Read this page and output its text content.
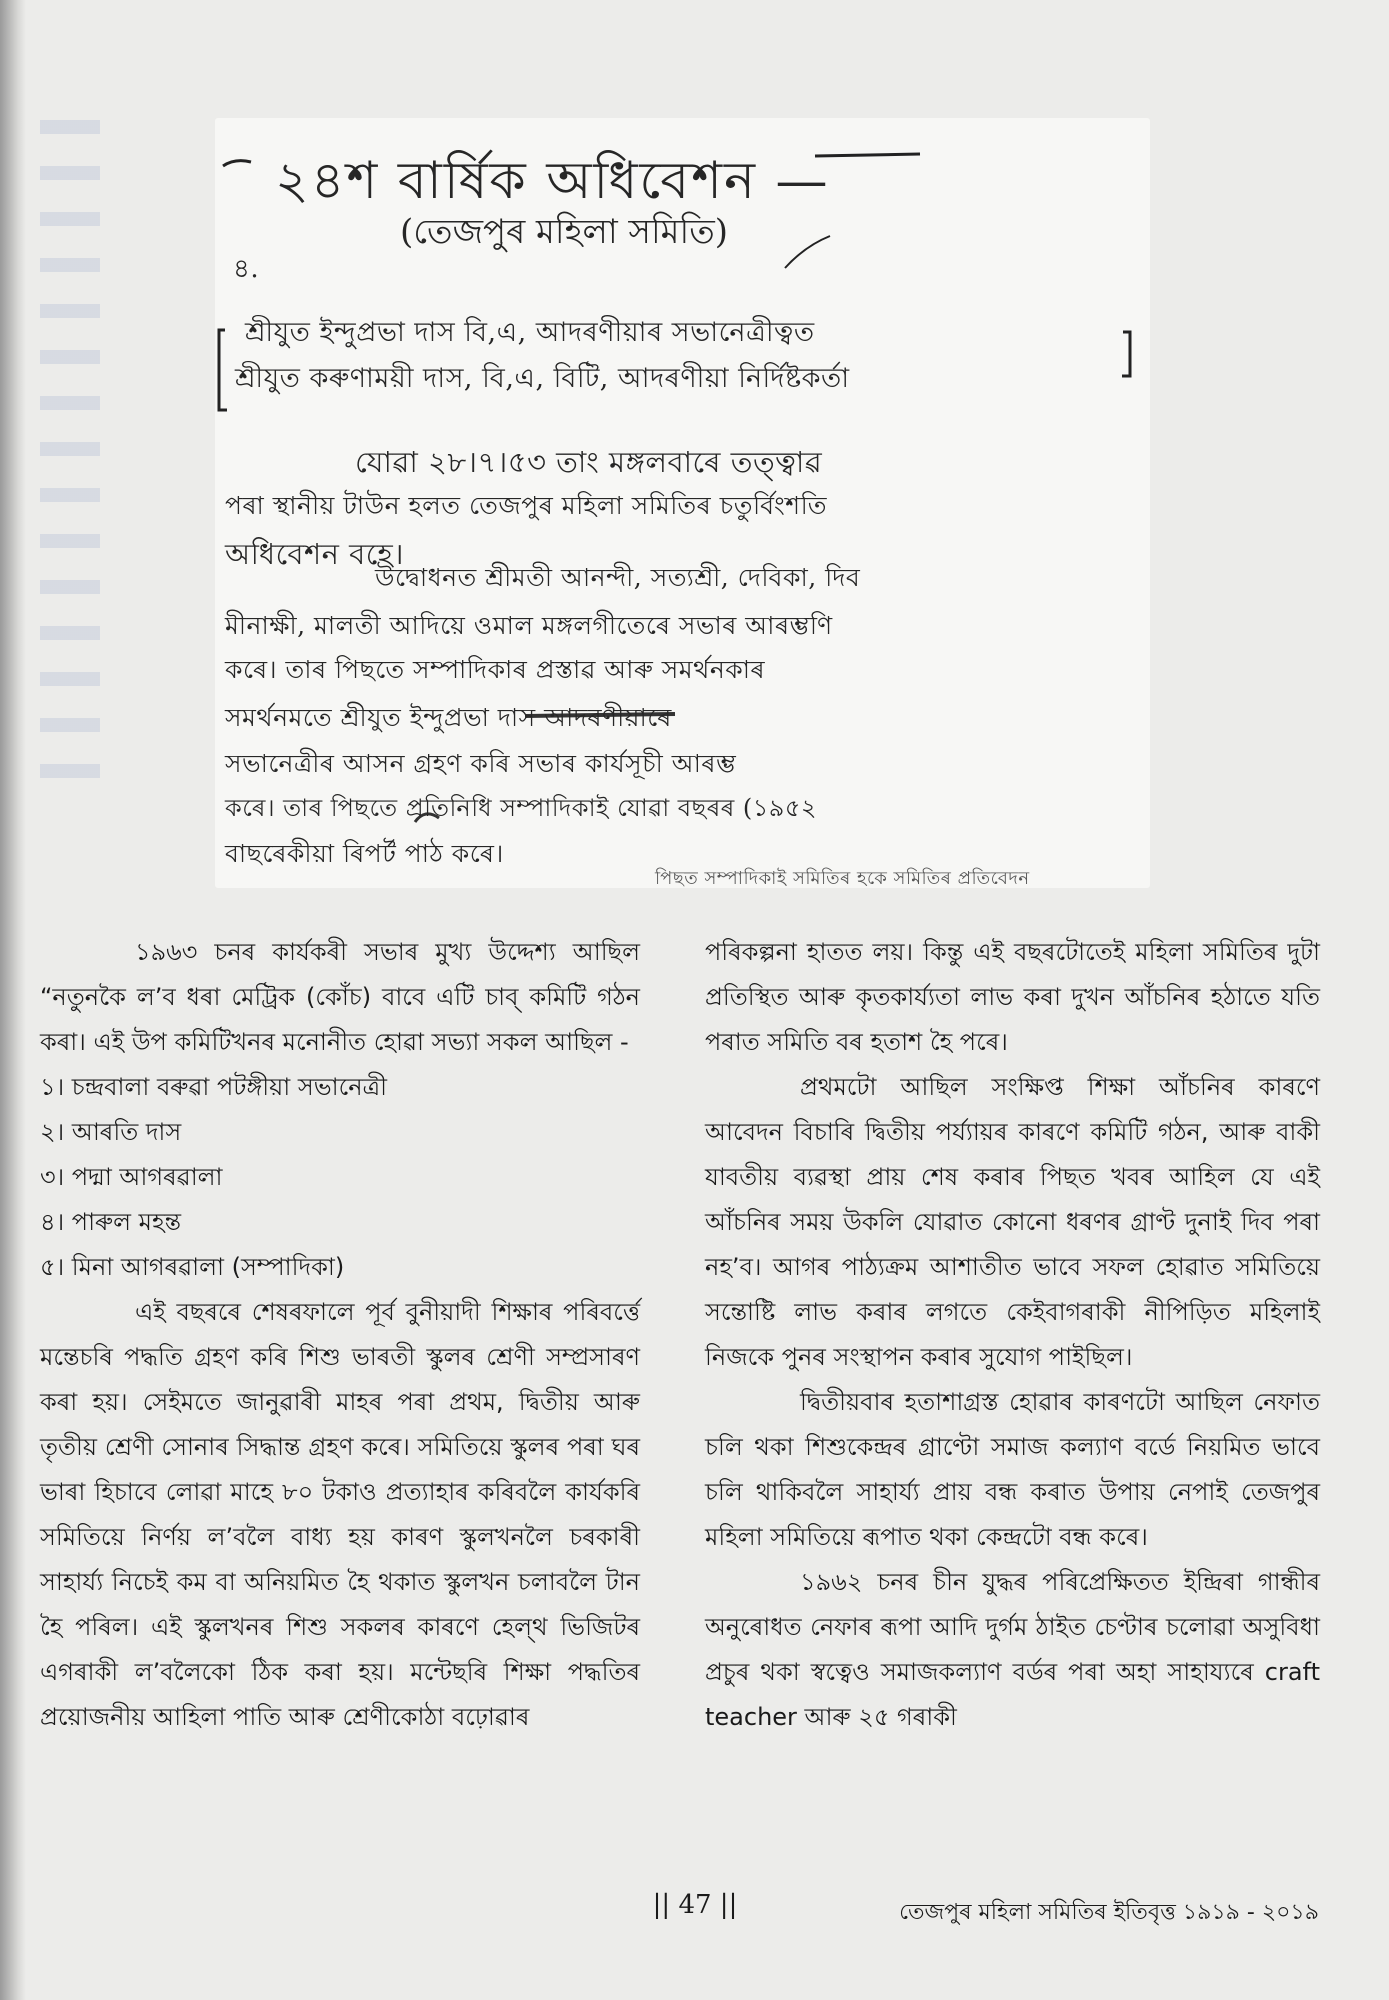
২৪শ বাৰ্ষিক অধিবেশন —
(তেজপুৰ মহিলা সমিতি)
৪.
শ্ৰীযুত ইন্দুপ্ৰভা দাস বি,এ, আদৰণীয়াৰ সভানেত্ৰীত্বত
শ্ৰীযুত কৰুণাময়ী দাস, বি,এ, বিটি, আদৰণীয়া নিৰ্দিষ্টকৰ্তা
যোৱা ২৮।৭।৫৩ তাং মঙ্গলবাৰে তত্ত্বাৱ
পৰা স্থানীয় টাউন হলত তেজপুৰ মহিলা সমিতিৰ চতুৰ্বিংশতি
অধিবেশন বহে।
উদ্বোধনত শ্ৰীমতী আনন্দী, সত্যশ্ৰী, দেবিকা, দিব
মীনাক্ষী, মালতী আদিয়ে ওমাল মঙ্গলগীতেৰে সভাৰ আৰম্ভণি
কৰে। তাৰ পিছতে সম্পাদিকাৰ প্ৰস্তাৱ আৰু সমৰ্থনকাৰ
সমৰ্থনমতে শ্ৰীযুত ইন্দুপ্ৰভা দাস আদৰণীয়াৰে
সভানেত্ৰীৰ আসন গ্ৰহণ কৰি সভাৰ কাৰ্যসূচী আৰম্ভ
কৰে। তাৰ পিছতে প্ৰতিনিধি সম্পাদিকাই যোৱা বছৰৰ (১৯৫২
বাছৰেকীয়া ৰিপৰ্ট পাঠ কৰে।
পিছত সম্পাদিকাই সমিতিৰ হকে সমিতিৰ প্ৰতিবেদন

১৯৬৩ চনৰ কাৰ্যকৰী সভাৰ মুখ্য উদ্দেশ্য আছিল “নতুনকৈ ল’ব ধৰা মেট্ৰিক (কোঁচ) বাবে এটি চাব্ কমিটি গঠন কৰা। এই উপ কমিটিখনৰ মনোনীত হোৱা সভ্যা সকল আছিল -

১। চন্দ্ৰবালা বৰুৱা পটঙ্গীয়া সভানেত্ৰী

২। আৰতি দাস

৩। পদ্মা আগৰৱালা

৪। পাৰুল মহন্ত

৫। মিনা আগৰৱালা (সম্পাদিকা)

এই বছৰৰে শেষৰফালে পূৰ্ব বুনীয়াদী শিক্ষাৰ পৰিবৰ্ত্তে মন্তেচৰি পদ্ধতি গ্ৰহণ কৰি শিশু ভাৰতী স্কুলৰ শ্ৰেণী সম্প্ৰসাৰণ কৰা হয়। সেইমতে জানুৱাৰী মাহৰ পৰা প্ৰথম, দ্বিতীয় আৰু তৃতীয় শ্ৰেণী সোনাৰ সিদ্ধান্ত গ্ৰহণ কৰে। সমিতিয়ে স্কুলৰ পৰা ঘৰ ভাৰা হিচাবে লোৱা মাহে ৮০ টকাও প্ৰত্যাহাৰ কৰিবলৈ কাৰ্যকৰি সমিতিয়ে নিৰ্ণয় ল’বলৈ বাধ্য হয় কাৰণ স্কুলখনলৈ চৰকাৰী সাহাৰ্য্য নিচেই কম বা অনিয়মিত হৈ থকাত স্কুলখন চলাবলৈ টান হৈ পৰিল। এই স্কুলখনৰ শিশু সকলৰ কাৰণে হেল্থ ভিজিটৰ এগৰাকী ল’বলৈকো ঠিক কৰা হয়। মন্টেছৰি শিক্ষা পদ্ধতিৰ প্ৰয়োজনীয় আহিলা পাতি আৰু শ্ৰেণীকোঠা বঢ়োৱাৰ

পৰিকল্পনা হাতত লয়। কিন্তু এই বছৰটোতেই মহিলা সমিতিৰ দুটা প্ৰতিস্থিত আৰু কৃতকাৰ্য্যতা লাভ কৰা দুখন আঁচনিৰ হঠাতে যতি পৰাত সমিতি বৰ হতাশ হৈ পৰে।

প্ৰথমটো আছিল সংক্ষিপ্ত শিক্ষা আঁচনিৰ কাৰণে আবেদন বিচাৰি দ্বিতীয় পৰ্য্যায়ৰ কাৰণে কমিটি গঠন, আৰু বাকী যাবতীয় ব্যৱস্থা প্ৰায় শেষ কৰাৰ পিছত খবৰ আহিল যে এই আঁচনিৰ সময় উকলি যোৱাত কোনো ধৰণৰ গ্ৰাণ্ট দুনাই দিব পৰা নহ’ব। আগৰ পাঠ্যক্ৰম আশাতীত ভাবে সফল হোৱাত সমিতিয়ে সন্তোষ্টি লাভ কৰাৰ লগতে কেইবাগৰাকী নীপিড়িত মহিলাই নিজকে পুনৰ সংস্থাপন কৰাৰ সুযোগ পাইছিল।

দ্বিতীয়বাৰ হতাশাগ্ৰস্ত হোৱাৰ কাৰণটো আছিল নেফাত চলি থকা শিশুকেন্দ্ৰৰ গ্ৰাণ্টো সমাজ কল্যাণ বৰ্ডে নিয়মিত ভাবে চলি থাকিবলৈ সাহাৰ্য্য প্ৰায় বন্ধ কৰাত উপায় নেপাই তেজপুৰ মহিলা সমিতিয়ে ৰূপাত থকা কেন্দ্ৰটো বন্ধ কৰে।

১৯৬২ চনৰ চীন যুদ্ধৰ পৰিপ্ৰেক্ষিতত ইন্দ্ৰিৰা গান্ধীৰ অনুৰোধত নেফাৰ ৰূপা আদি দুৰ্গম ঠাইত চেণ্টাৰ চলোৱা অসুবিধা প্ৰচুৰ থকা স্বত্বেও সমাজকল্যাণ বৰ্ডৰ পৰা অহা সাহায্যৰে craft teacher আৰু ২৫ গৰাকী

|| 47 ||	তেজপুৰ মহিলা সমিতিৰ ইতিবৃত্ত ১৯১৯ - ২০১৯
